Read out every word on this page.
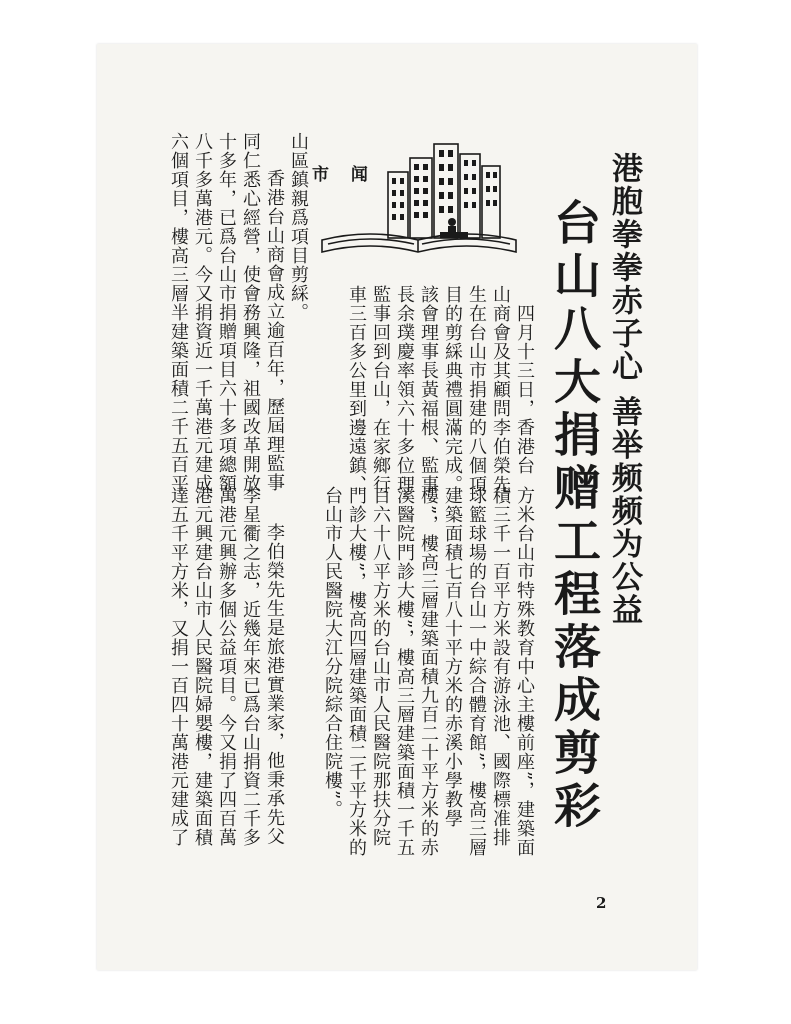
港胞拳拳赤子心 善举频频为公益
台山八大捐赠工程落成剪彩
市 闻
　四月十三日，香港台
山商會及其顧問李伯榮先
生在台山市捐建的八個項
目的剪綵典禮圓滿完成。
該會理事長黃福根、監事
長余璞慶率領六十多位理
監事回到台山，在家鄉行
車三百多公里到邊遠鎮、
山區鎮親爲項目剪綵。
　香港台山商會成立逾百年，歷屆理監事
同仁悉心經營，使會務興隆，祖國改革開放
十多年，已爲台山市捐贈項目六十多項總額
八千多萬港元。今又捐資近一千萬港元建成
六個項目，樓高三層半建築面積二千五百平
方米台山市特殊教育中心主樓前座”，建築面
積三千一百平方米設有游泳池、國際標准排
球籃球場的台山一中綜合體育館”，樓高三層
建築面積七百八十平方米的赤溪小學教學
樓”，樓高三層建築面積九百二十平方米的赤
溪醫院門診大樓”，樓高三層建築面積一千五
百六十八平方米的台山市人民醫院那扶分院
門診大樓”，樓高四層建築面積二千平方米的
台山市人民醫院大江分院綜合住院樓”。
　李伯榮先生是旅港實業家，他秉承先父
李星衢之志，近幾年來已爲台山捐資二千多
萬港元興辦多個公益項目。今又捐了四百萬
港元興建台山市人民醫院婦嬰樓，建築面積
達五千平方米，又捐一百四十萬港元建成了
2
